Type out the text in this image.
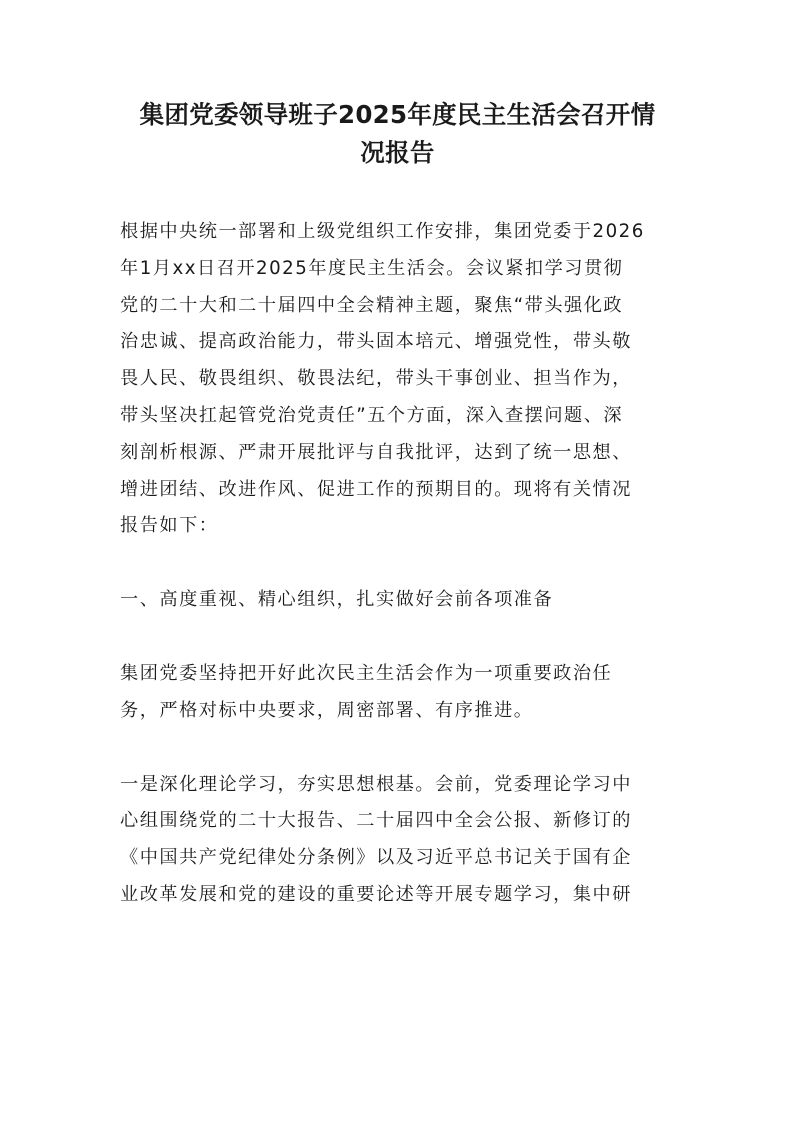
集团党委领导班子2025年度民主生活会召开情
况报告
根据中央统一部署和上级党组织工作安排，集团党委于2026
年1月xx日召开2025年度民主生活会。会议紧扣学习贯彻
党的二十大和二十届四中全会精神主题，聚焦“带头强化政
治忠诚、提高政治能力，带头固本培元、增强党性，带头敬
畏人民、敬畏组织、敬畏法纪，带头干事创业、担当作为，
带头坚决扛起管党治党责任”五个方面，深入查摆问题、深
刻剖析根源、严肃开展批评与自我批评，达到了统一思想、
增进团结、改进作风、促进工作的预期目的。现将有关情况
报告如下：
一、高度重视、精心组织，扎实做好会前各项准备
集团党委坚持把开好此次民主生活会作为一项重要政治任
务，严格对标中央要求，周密部署、有序推进。
一是深化理论学习，夯实思想根基。会前，党委理论学习中
心组围绕党的二十大报告、二十届四中全会公报、新修订的
《中国共产党纪律处分条例》以及习近平总书记关于国有企
业改革发展和党的建设的重要论述等开展专题学习，集中研
